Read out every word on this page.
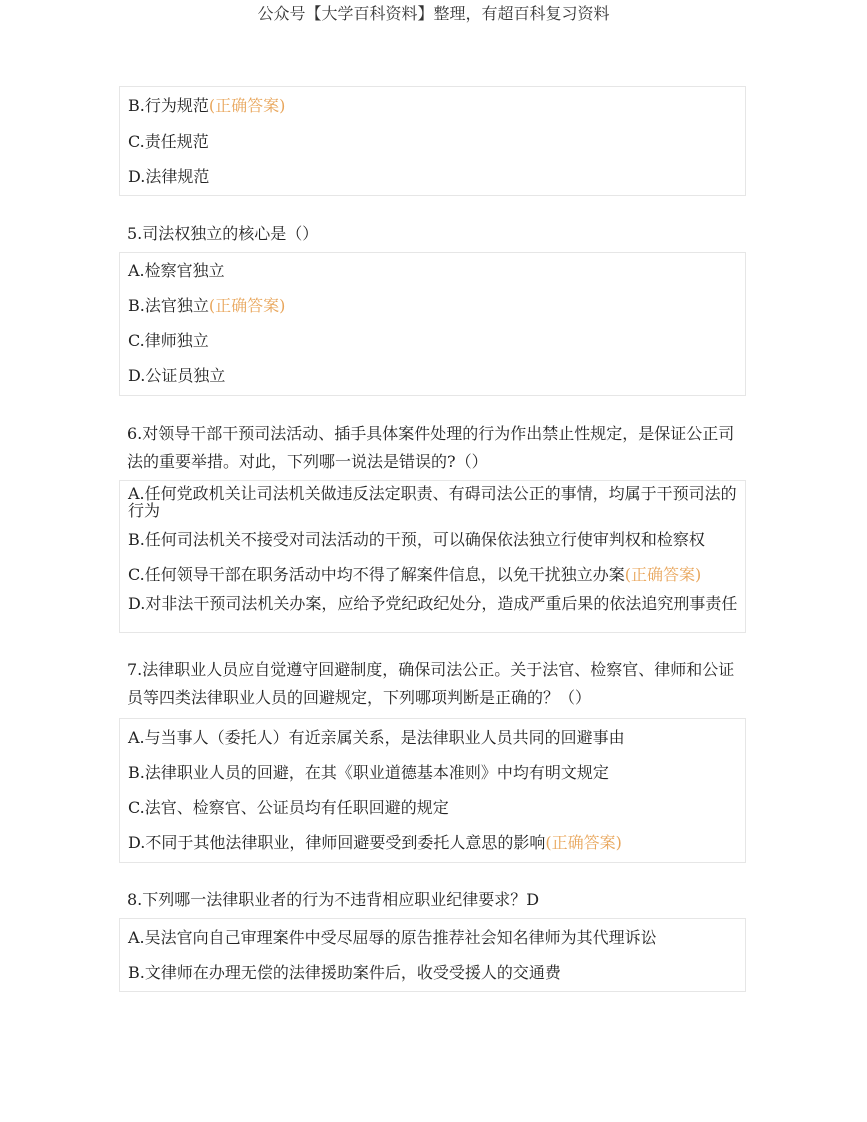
公众号【大学百科资料】整理，有超百科复习资料
B.行为规范(正确答案)
C.责任规范
D.法律规范
5.司法权独立的核心是（）
A.检察官独立
B.法官独立(正确答案)
C.律师独立
D.公证员独立
6.对领导干部干预司法活动、插手具体案件处理的行为作出禁止性规定，是保证公正司法的重要举措。对此，下列哪一说法是错误的?（）
A.任何党政机关让司法机关做违反法定职责、有碍司法公正的事情，均属于干预司法的行为
B.任何司法机关不接受对司法活动的干预，可以确保依法独立行使审判权和检察权
C.任何领导干部在职务活动中均不得了解案件信息，以免干扰独立办案(正确答案)
D.对非法干预司法机关办案，应给予党纪政纪处分，造成严重后果的依法追究刑事责任
7.法律职业人员应自觉遵守回避制度，确保司法公正。关于法官、检察官、律师和公证员等四类法律职业人员的回避规定，下列哪项判断是正确的？（）
A.与当事人（委托人）有近亲属关系，是法律职业人员共同的回避事由
B.法律职业人员的回避，在其《职业道德基本准则》中均有明文规定
C.法官、检察官、公证员均有任职回避的规定
D.不同于其他法律职业，律师回避要受到委托人意思的影响(正确答案)
8.下列哪一法律职业者的行为不违背相应职业纪律要求？D
A.吴法官向自己审理案件中受尽屈辱的原告推荐社会知名律师为其代理诉讼
B.文律师在办理无偿的法律援助案件后，收受受援人的交通费
